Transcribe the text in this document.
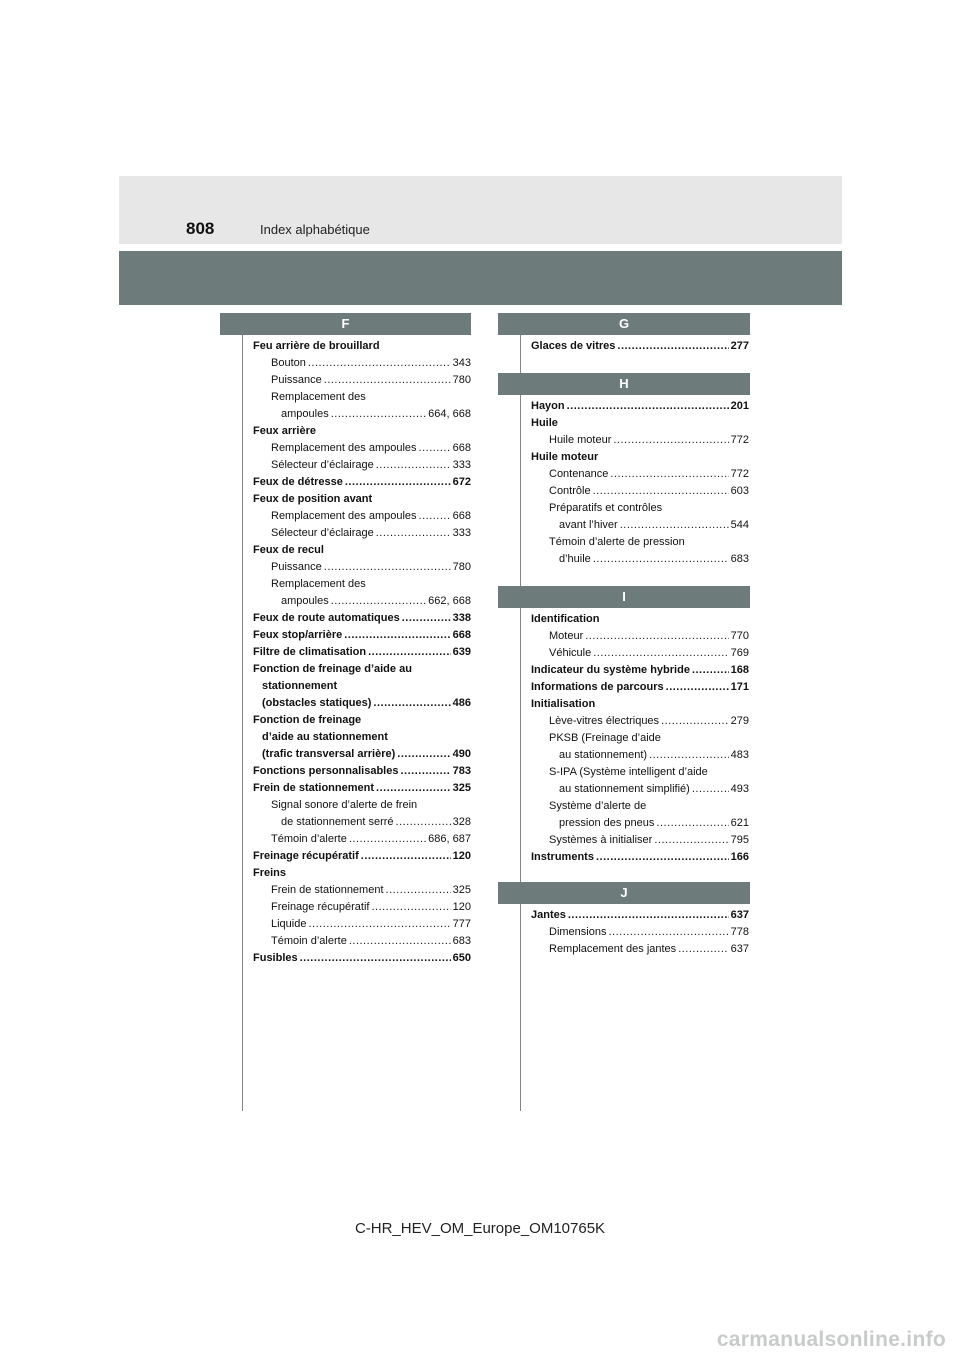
808	Index alphabétique
F
Feu arrière de brouillard
Bouton .....	343
Puissance .....	780
Remplacement des
ampoules .....	664, 668
Feux arrière
Remplacement des ampoules .....	668
Sélecteur d’éclairage .....	333
Feux de détresse .....	672
Feux de position avant
Remplacement des ampoules .....	668
Sélecteur d’éclairage .....	333
Feux de recul
Puissance .....	780
Remplacement des
ampoules .....	662, 668
Feux de route automatiques .....	338
Feux stop/arrière .....	668
Filtre de climatisation .....	639
Fonction de freinage d’aide au
stationnement
(obstacles statiques) .....	486
Fonction de freinage
d’aide au stationnement
(trafic transversal arrière) .....	490
Fonctions personnalisables .....	783
Frein de stationnement .....	325
Signal sonore d’alerte de frein
de stationnement serré .....	328
Témoin d’alerte .....	686, 687
Freinage récupératif .....	120
Freins
Frein de stationnement .....	325
Freinage récupératif .....	120
Liquide .....	777
Témoin d’alerte .....	683
Fusibles .....	650
G
Glaces de vitres .....	277
H
Hayon .....	201
Huile
Huile moteur .....	772
Huile moteur
Contenance .....	772
Contrôle .....	603
Préparatifs et contrôles
avant l’hiver .....	544
Témoin d’alerte de pression
d’huile .....	683
I
Identification
Moteur .....	770
Véhicule .....	769
Indicateur du système hybride .....	168
Informations de parcours .....	171
Initialisation
Lève-vitres électriques .....	279
PKSB (Freinage d’aide
au stationnement) .....	483
S-IPA (Système intelligent d’aide
au stationnement simplifié) .....	493
Système d’alerte de
pression des pneus .....	621
Systèmes à initialiser .....	795
Instruments .....	166
J
Jantes .....	637
Dimensions .....	778
Remplacement des jantes .....	637
C-HR_HEV_OM_Europe_OM10765K
carmanualsonline.info
